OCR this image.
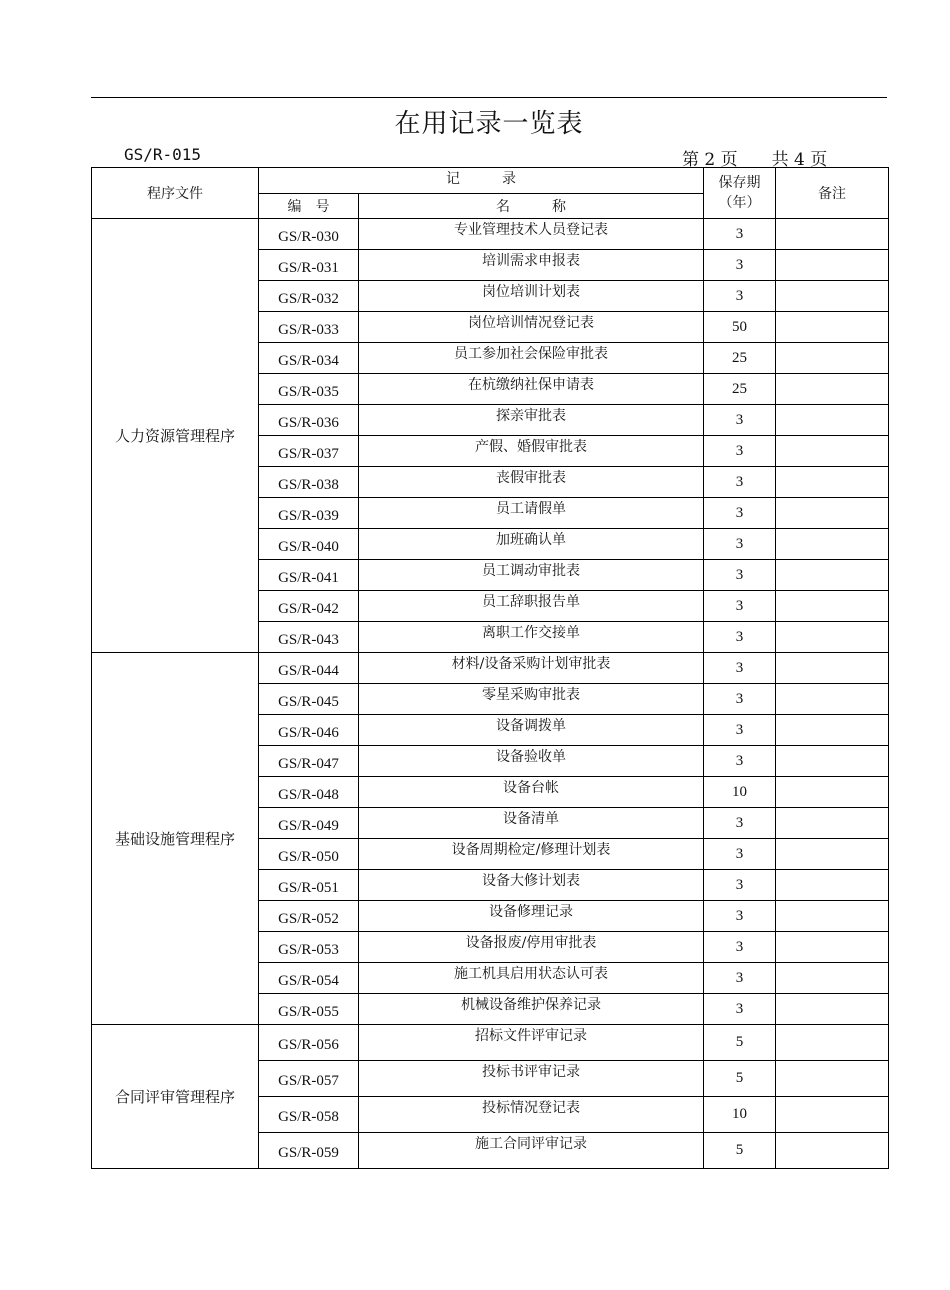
在用记录一览表
GS/R-015	第 2 页 共 4 页
程序文件	记　　　录		保存期（年）	备注
	编　号	名　　　称		
人力资源管理程序	GS/R-030	专业管理技术人员登记表	3	
	GS/R-031	培训需求申报表	3	
	GS/R-032	岗位培训计划表	3	
	GS/R-033	岗位培训情况登记表	50	
	GS/R-034	员工参加社会保险审批表	25	
	GS/R-035	在杭缴纳社保申请表	25	
	GS/R-036	探亲审批表	3	
	GS/R-037	产假、婚假审批表	3	
	GS/R-038	丧假审批表	3	
	GS/R-039	员工请假单	3	
	GS/R-040	加班确认单	3	
	GS/R-041	员工调动审批表	3	
	GS/R-042	员工辞职报告单	3	
	GS/R-043	离职工作交接单	3	
基础设施管理程序	GS/R-044	材料/设备采购计划审批表	3	
	GS/R-045	零星采购审批表	3	
	GS/R-046	设备调拨单	3	
	GS/R-047	设备验收单	3	
	GS/R-048	设备台帐	10	
	GS/R-049	设备清单	3	
	GS/R-050	设备周期检定/修理计划表	3	
	GS/R-051	设备大修计划表	3	
	GS/R-052	设备修理记录	3	
	GS/R-053	设备报废/停用审批表	3	
	GS/R-054	施工机具启用状态认可表	3	
	GS/R-055	机械设备维护保养记录	3	
合同评审管理程序	GS/R-056	招标文件评审记录	5	
	GS/R-057	投标书评审记录	5	
	GS/R-058	投标情况登记表	10	
	GS/R-059	施工合同评审记录	5	
